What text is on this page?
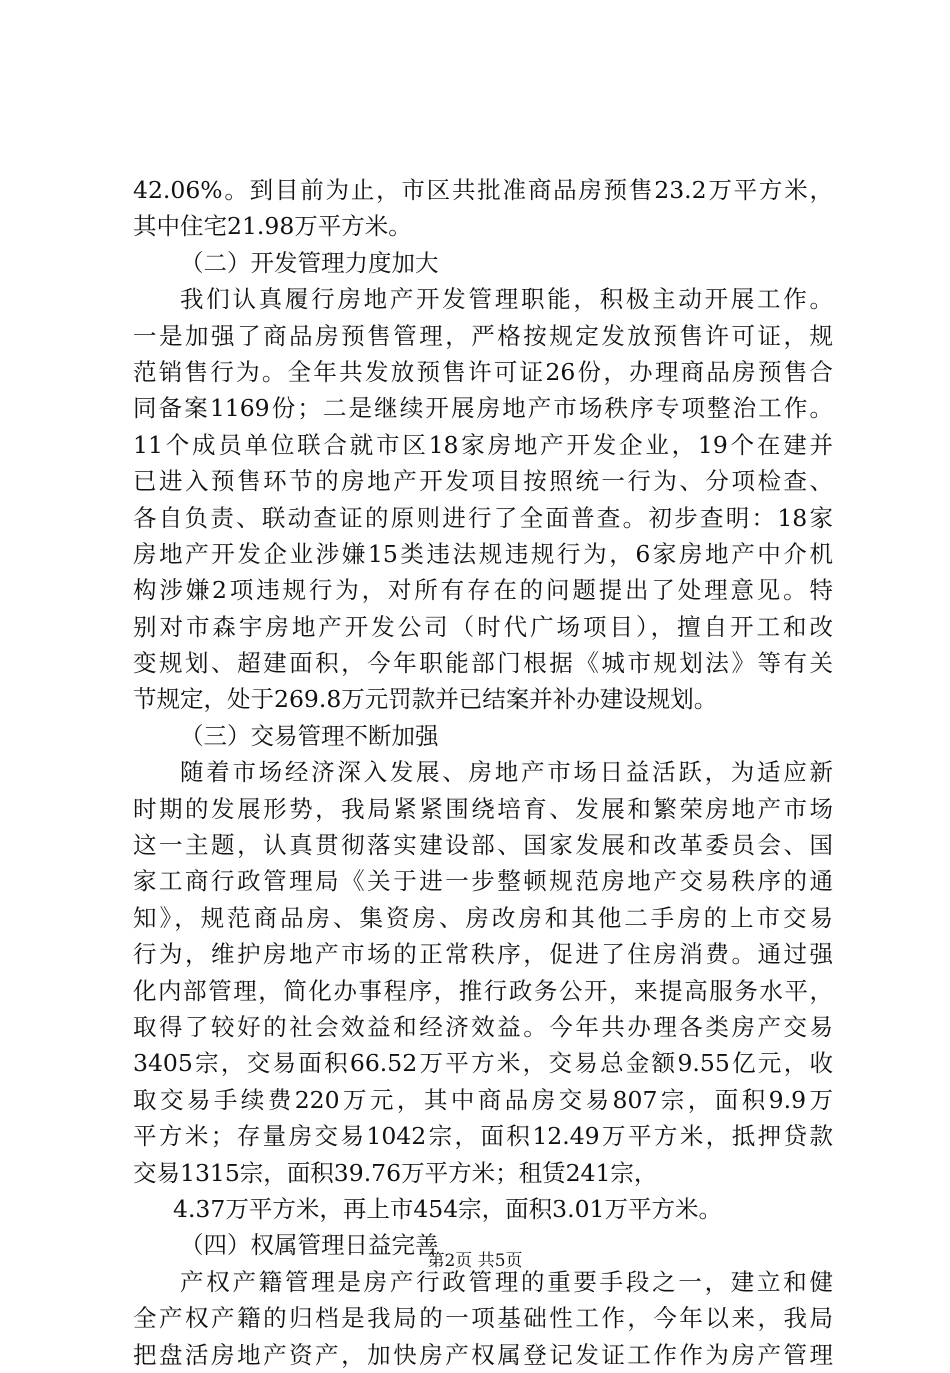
42.06%。到目前为止，市区共批准商品房预售23.2万平方米，
其中住宅21.98万平方米。
（二）开发管理力度加大
我们认真履行房地产开发管理职能，积极主动开展工作。
一是加强了商品房预售管理，严格按规定发放预售许可证，规
范销售行为。全年共发放预售许可证26份，办理商品房预售合
同备案1169份；二是继续开展房地产市场秩序专项整治工作。
11个成员单位联合就市区18家房地产开发企业，19个在建并
已进入预售环节的房地产开发项目按照统一行为、分项检查、
各自负责、联动查证的原则进行了全面普查。初步查明：18家
房地产开发企业涉嫌15类违法规违规行为，6家房地产中介机
构涉嫌2项违规行为，对所有存在的问题提出了处理意见。特
别对市森宇房地产开发公司（时代广场项目），擅自开工和改
变规划、超建面积，今年职能部门根据《城市规划法》等有关
节规定，处于269.8万元罚款并已结案并补办建设规划。
（三）交易管理不断加强
随着市场经济深入发展、房地产市场日益活跃，为适应新
时期的发展形势，我局紧紧围绕培育、发展和繁荣房地产市场
这一主题，认真贯彻落实建设部、国家发展和改革委员会、国
家工商行政管理局《关于进一步整顿规范房地产交易秩序的通
知》，规范商品房、集资房、房改房和其他二手房的上市交易
行为，维护房地产市场的正常秩序，促进了住房消费。通过强
化内部管理，简化办事程序，推行政务公开，来提高服务水平，
取得了较好的社会效益和经济效益。今年共办理各类房产交易
3405宗，交易面积66.52万平方米，交易总金额9.55亿元，收
取交易手续费220万元，其中商品房交易807宗，面积9.9万
平方米；存量房交易1042宗，面积12.49万平方米，抵押贷款
交易1315宗，面积39.76万平方米；租赁241宗，
4.37万平方米，再上市454宗，面积3.01万平方米。
（四）权属管理日益完善
产权产籍管理是房产行政管理的重要手段之一，建立和健
全产权产籍的归档是我局的一项基础性工作，今年以来，我局
把盘活房地产资产，加快房产权属登记发证工作作为房产管理
第2页 共5页
